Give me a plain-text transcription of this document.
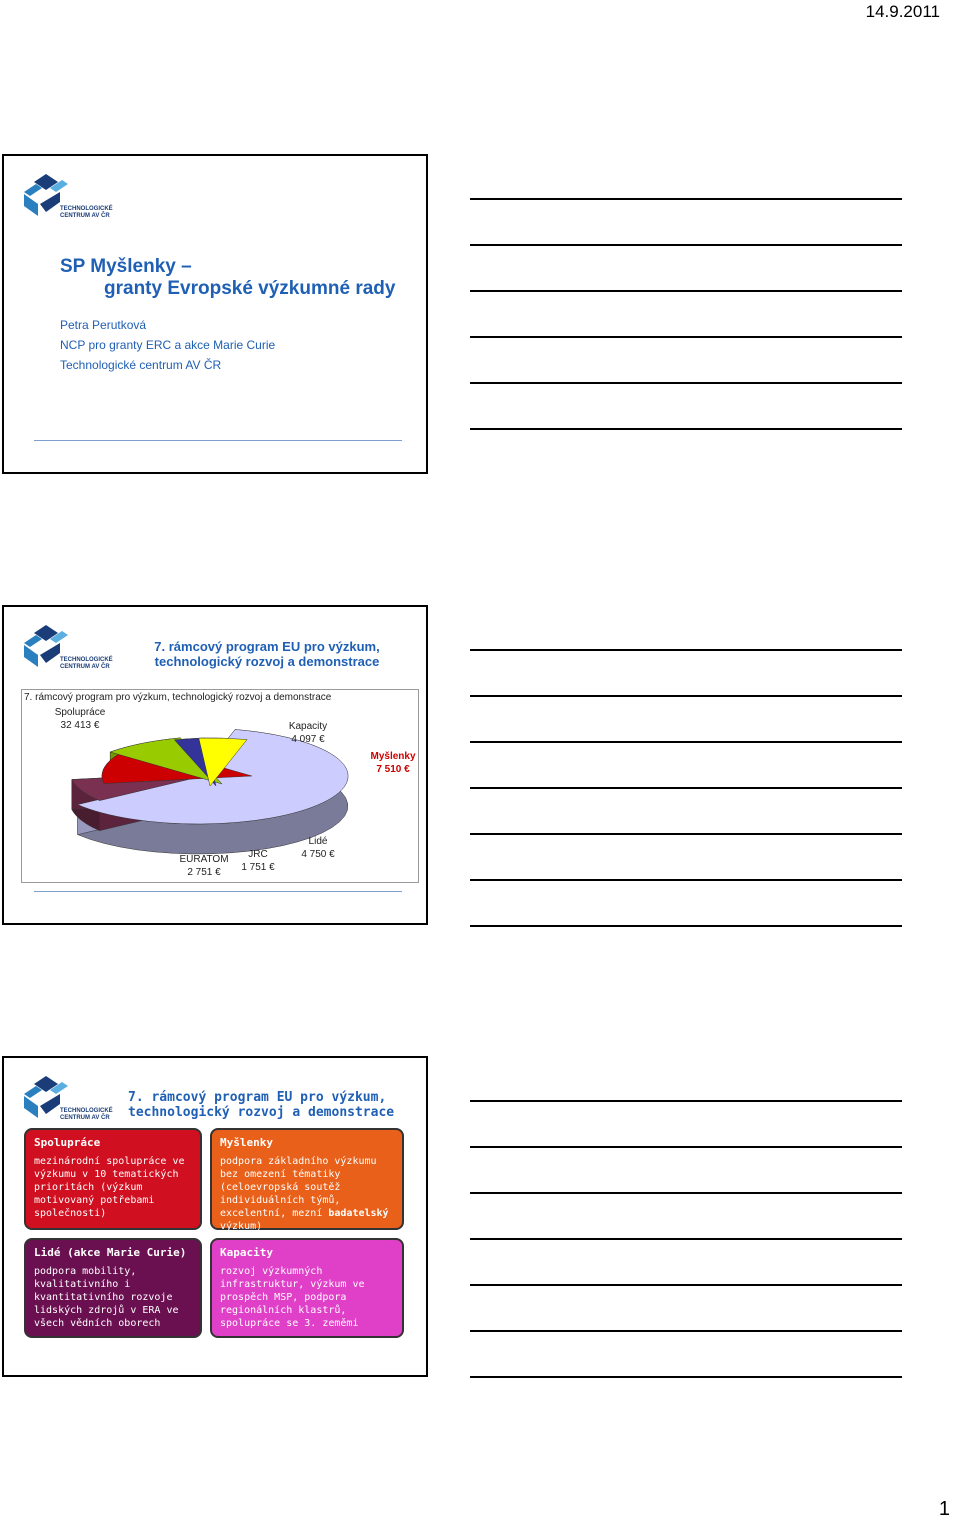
14.9.2011
1
TECHNOLOGICKÉ
CENTRUM AV ČR
SP Myšlenky –
granty Evropské výzkumné rady
Petra Perutková
NCP pro granty ERC a akce Marie Curie
Technologické centrum AV ČR
TECHNOLOGICKÉ
CENTRUM AV ČR
7. rámcový program EU pro výzkum,
technologický rozvoj a demonstrace
7. rámcový program pro výzkum, technologický rozvoj a demonstrace
Spolupráce
32 413 €	Kapacity
4 097 €
Myšlenky
7 510 €
Lidé
4 750 €
JRC
1 751 €
EURATOM
2 751 €
TECHNOLOGICKÉ
CENTRUM AV ČR
7. rámcový program EU pro výzkum,
technologický rozvoj a demonstrace
Spolupráce
mezinárodní spolupráce ve výzkumu v 10 tematických prioritách (výzkum motivovaný potřebami společnosti)
Myšlenky
podpora základního výzkumu bez omezení tématiky (celoevropská soutěž individuálních týmů, excelentní, mezní badatelský výzkum)
Lidé (akce Marie Curie)
podpora mobility, kvalitativního i kvantitativního rozvoje lidských zdrojů v ERA ve všech vědních oborech
Kapacity
rozvoj výzkumných infrastruktur, výzkum ve prospěch MSP, podpora regionálních klastrů, spolupráce se 3. zeměmi
